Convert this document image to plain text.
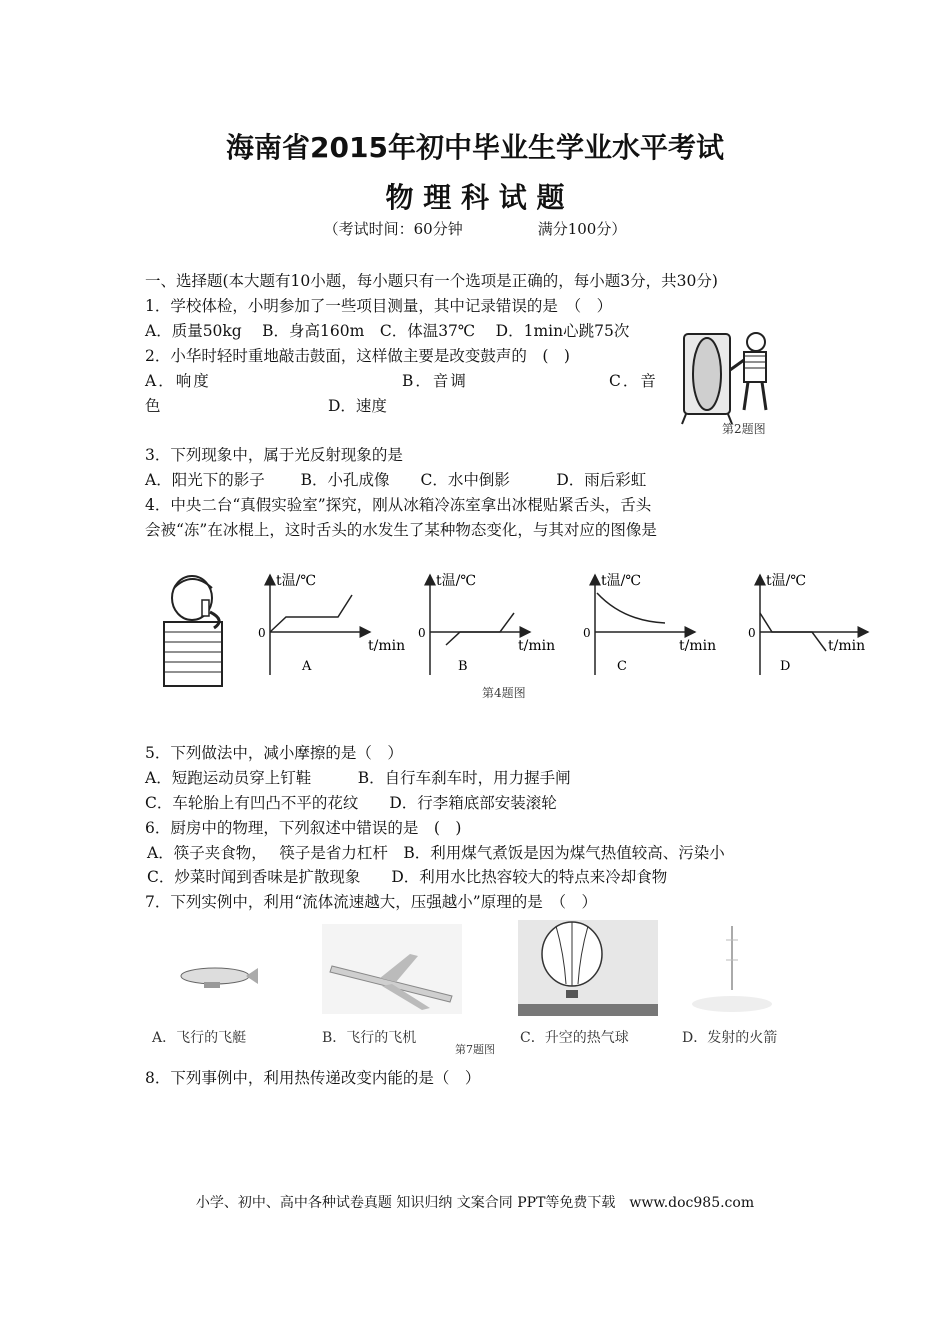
海南省2015年初中毕业生学业水平考试
物 理 科 试 题
（考试时间：60分钟　　　　　满分100分）
一、选择题(本大题有10小题，每小题只有一个选项是正确的，每小题3分，共30分)
1．学校体检，小明参加了一些项目测量，其中记录错误的是　（　）
A．质量50kg　 B．身高160m　C．体温37℃　 D．1min心跳75次
2．小华时轻时重地敲击鼓面，这样做主要是改变鼓声的　(　)
A．响度	B．音调	C．音
色	D．速度
第2题图
3．下列现象中，属于光反射现象的是
A．阳光下的影子　　 B．小孔成像　　C．水中倒影　　　D．雨后彩虹
4．中央二台“真假实验室”探究，刚从冰箱冷冻室拿出冰棍贴紧舌头，舌头
会被“冻”在冰棍上，这时舌头的水发生了某种物态变化，与其对应的图像是
t温/℃
t/min
0
A
t温/℃
t/min
0
B
t温/℃
t/min
0
C
t温/℃
t/min
0
D
第4题图
5．下列做法中，减小摩擦的是（　）
A．短跑运动员穿上钉鞋　　　B．自行车刹车时，用力握手闸
C．车轮胎上有凹凸不平的花纹　　D．行李箱底部安装滚轮
6．厨房中的物理，下列叙述中错误的是　(　)
A．筷子夹食物，　 筷子是省力杠杆　B．利用煤气煮饭是因为煤气热值较高、污染小
C．炒菜时闻到香味是扩散现象　　D．利用水比热容较大的特点来冷却食物
7．下列实例中，利用“流体流速越大，压强越小”原理的是　（　）
A．飞行的飞艇	B．飞行的飞机	C．升空的热气球	D．发射的火箭
第7题图
8．下列事例中，利用热传递改变内能的是（　）
小学、初中、高中各种试卷真题 知识归纳 文案合同 PPT等免费下载　www.doc985.com
